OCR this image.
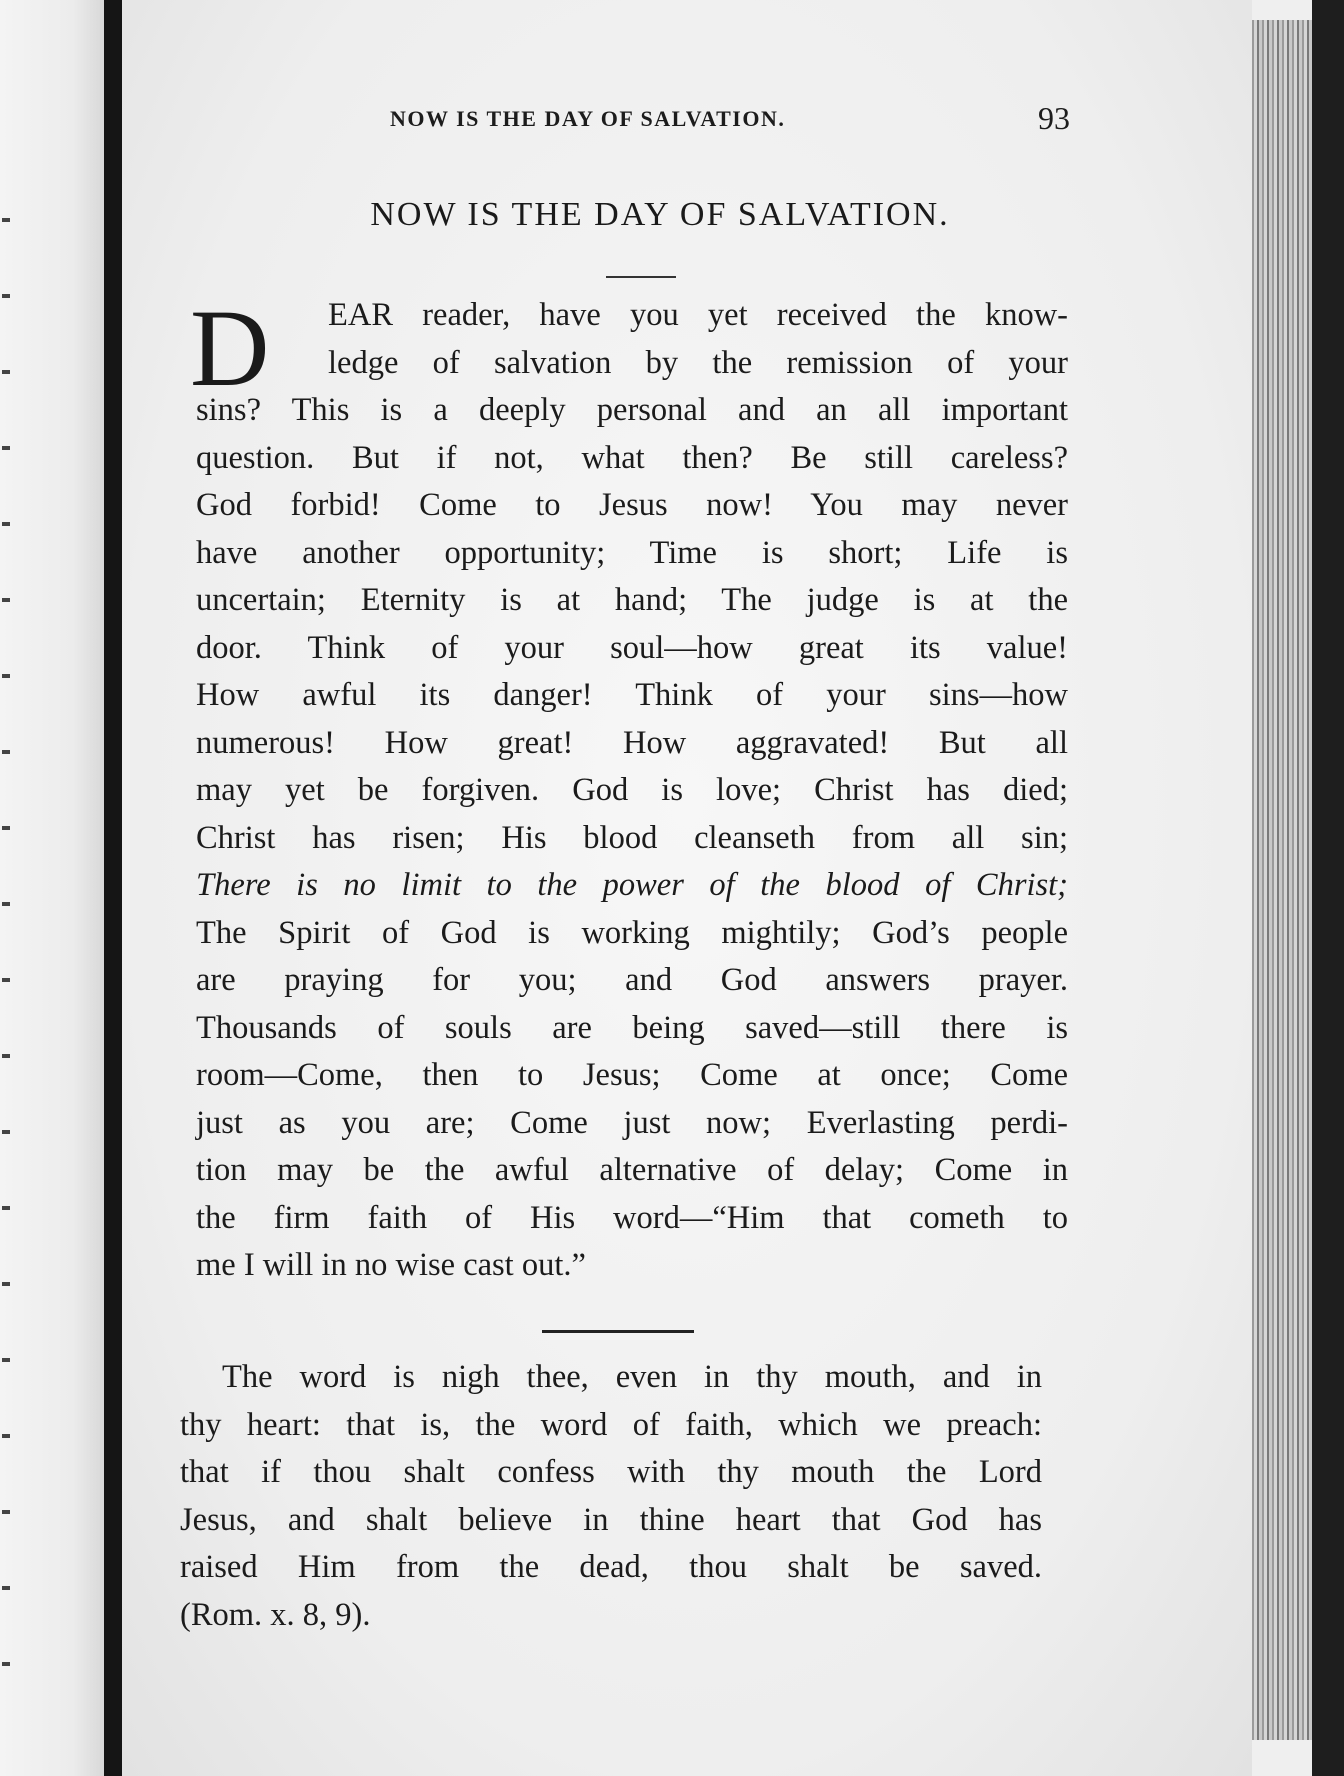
NOW IS THE DAY OF SALVATION.	93
NOW IS THE DAY OF SALVATION.
D	EAR reader, have you yet received the know-
ledge of salvation by the remission of your
sins? This is a deeply personal and an all important
question. But if not, what then? Be still careless?
God forbid! Come to Jesus now! You may never
have another opportunity; Time is short; Life is
uncertain; Eternity is at hand; The judge is at the
door. Think of your soul—how great its value!
How awful its danger! Think of your sins—how
numerous! How great! How aggravated! But all
may yet be forgiven. God is love; Christ has died;
Christ has risen; His blood cleanseth from all sin;
There is no limit to the power of the blood of Christ;
The Spirit of God is working mightily; God’s people
are praying for you; and God answers prayer.
Thousands of souls are being saved—still there is
room—Come, then to Jesus; Come at once; Come
just as you are; Come just now; Everlasting perdi-
tion may be the awful alternative of delay; Come in
the firm faith of His word—“Him that cometh to
me I will in no wise cast out.”
The word is nigh thee, even in thy mouth, and in
thy heart: that is, the word of faith, which we preach:
that if thou shalt confess with thy mouth the Lord
Jesus, and shalt believe in thine heart that God has
raised Him from the dead, thou shalt be saved.
(Rom. x. 8, 9).
